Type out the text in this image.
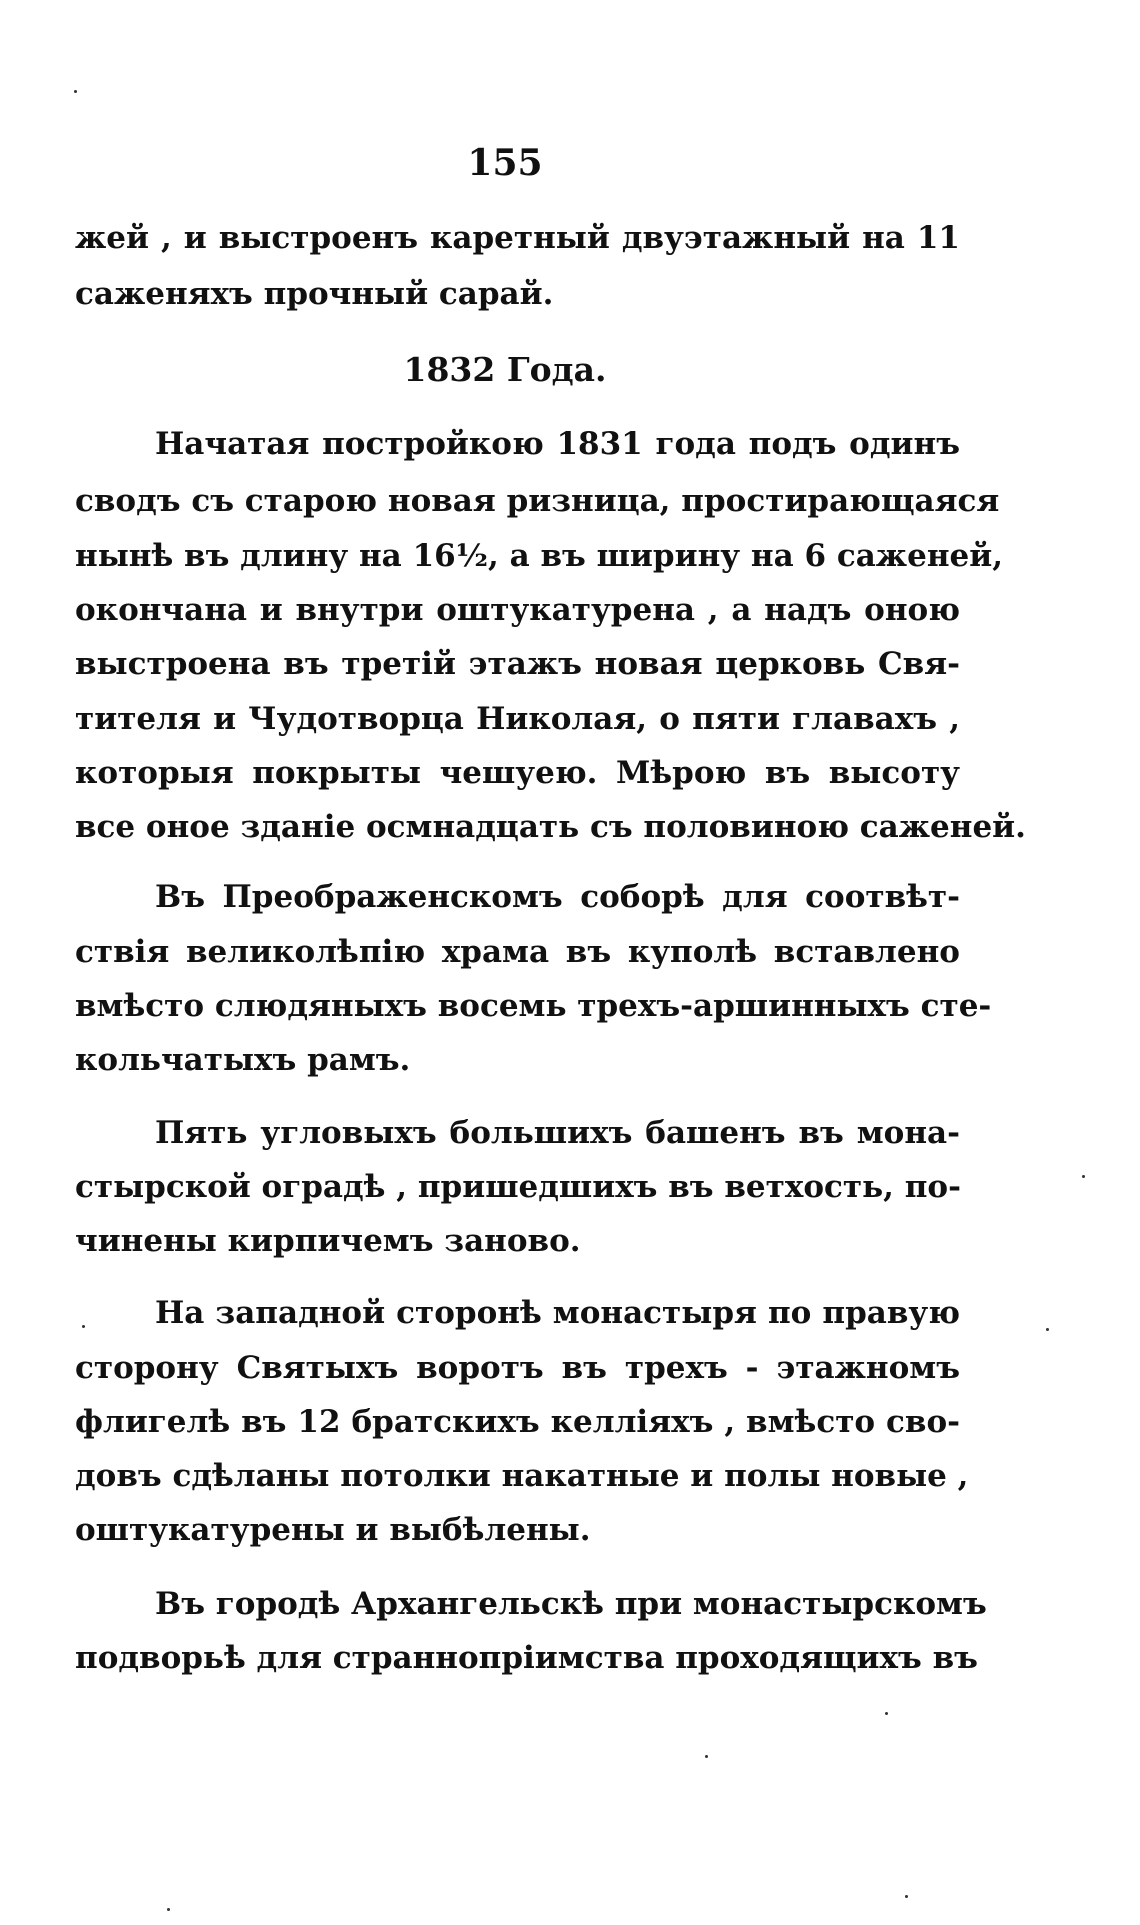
155
жей , и выстроенъ каретный двуэтажный на 11
саженяхъ прочный сарай.
1832 Года.
Начатая постройкою 1831 года подъ одинъ
сводъ съ старою новая ризница, простирающаяся
нынѣ въ длину на 16½, а въ ширину на 6 саженей,
окончана и внутри оштукатурена , а надъ оною
выстроена въ третій этажъ новая церковь Свя-
тителя и Чудотворца Николая, о пяти главахъ ,
которыя покрыты чешуею. Мѣрою въ высоту
все оное зданіе осмнадцать съ половиною саженей.
Въ Преображенскомъ соборѣ для соотвѣт-
ствія великолѣпію храма въ куполѣ вставлено
вмѣсто слюдяныхъ восемь трехъ-аршинныхъ сте-
кольчатыхъ рамъ.
Пять угловыхъ большихъ башенъ въ мона-
стырской оградѣ , пришедшихъ въ ветхость, по-
чинены кирпичемъ заново.
На западной сторонѣ монастыря по правую
сторону Святыхъ воротъ въ трехъ - этажномъ
флигелѣ въ 12 братскихъ келліяхъ , вмѣсто сво-
довъ сдѣланы потолки накатные и полы новые ,
оштукатурены и выбѣлены.
Въ городѣ Архангельскѣ при монастырскомъ
подворьѣ для страннопріимства проходящихъ въ
